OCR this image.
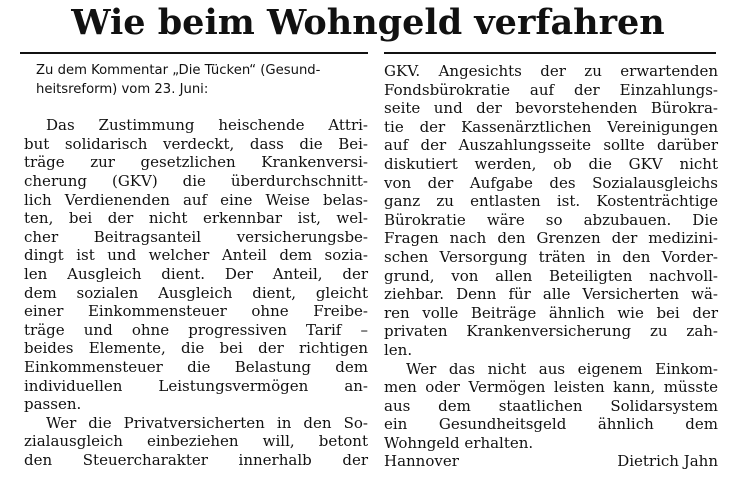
Wie beim Wohngeld verfahren
Zu dem Kommentar „Die Tücken“ (Gesund-
heitsreform) vom 23. Juni:
Das Zustimmung heischende Attri-
but solidarisch verdeckt, dass die Bei-
träge zur gesetzlichen Krankenversi-
cherung (GKV) die überdurchschnitt-
lich Verdienenden auf eine Weise belas-
ten, bei der nicht erkennbar ist, wel-
cher Beitragsanteil versicherungsbe-
dingt ist und welcher Anteil dem sozia-
len Ausgleich dient. Der Anteil, der
dem sozialen Ausgleich dient, gleicht
einer Einkommensteuer ohne Freibe-
träge und ohne progressiven Tarif –
beides Elemente, die bei der richtigen
Einkommensteuer die Belastung dem
individuellen Leistungsvermögen an-
passen.
Wer die Privatversicherten in den So-
zialausgleich einbeziehen will, betont
den Steuercharakter innerhalb der
GKV. Angesichts der zu erwartenden
Fondsbürokratie auf der Einzahlungs-
seite und der bevorstehenden Bürokra-
tie der Kassenärztlichen Vereinigungen
auf der Auszahlungsseite sollte darüber
diskutiert werden, ob die GKV nicht
von der Aufgabe des Sozialausgleichs
ganz zu entlasten ist. Kostenträchtige
Bürokratie wäre so abzubauen. Die
Fragen nach den Grenzen der medizini-
schen Versorgung träten in den Vorder-
grund, von allen Beteiligten nachvoll-
ziehbar. Denn für alle Versicherten wä-
ren volle Beiträge ähnlich wie bei der
privaten Krankenversicherung zu zah-
len.
Wer das nicht aus eigenem Einkom-
men oder Vermögen leisten kann, müsste
aus dem staatlichen Solidarsystem
ein Gesundheitsgeld ähnlich dem
Wohngeld erhalten.
Hannover	Dietrich Jahn
